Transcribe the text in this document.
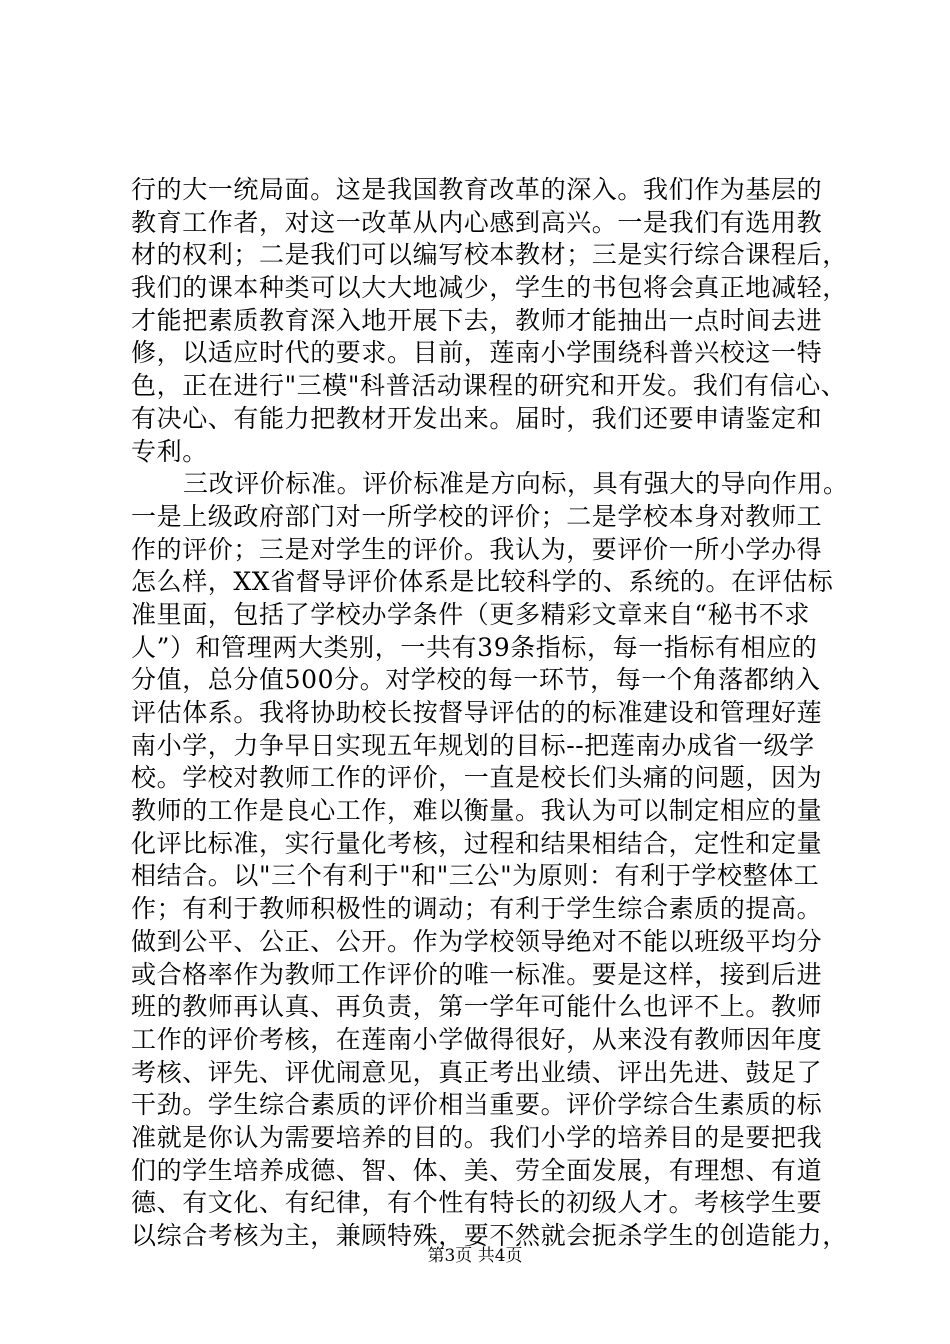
行的大一统局面。这是我国教育改革的深入。我们作为基层的
教育工作者，对这一改革从内心感到高兴。一是我们有选用教
材的权利；二是我们可以编写校本教材；三是实行综合课程后，
我们的课本种类可以大大地减少，学生的书包将会真正地减轻，
才能把素质教育深入地开展下去，教师才能抽出一点时间去进
修，以适应时代的要求。目前，莲南小学围绕科普兴校这一特
色，正在进行"三模"科普活动课程的研究和开发。我们有信心、
有决心、有能力把教材开发出来。届时，我们还要申请鉴定和
专利。
三改评价标准。评价标准是方向标，具有强大的导向作用。
一是上级政府部门对一所学校的评价；二是学校本身对教师工
作的评价；三是对学生的评价。我认为，要评价一所小学办得
怎么样，XX省督导评价体系是比较科学的、系统的。在评估标
准里面，包括了学校办学条件（更多精彩文章来自“秘书不求
人”）和管理两大类别，一共有39条指标，每一指标有相应的
分值，总分值500分。对学校的每一环节，每一个角落都纳入
评估体系。我将协助校长按督导评估的的标准建设和管理好莲
南小学，力争早日实现五年规划的目标--把莲南办成省一级学
校。学校对教师工作的评价，一直是校长们头痛的问题，因为
教师的工作是良心工作，难以衡量。我认为可以制定相应的量
化评比标准，实行量化考核，过程和结果相结合，定性和定量
相结合。以"三个有利于"和"三公"为原则：有利于学校整体工
作；有利于教师积极性的调动；有利于学生综合素质的提高。
做到公平、公正、公开。作为学校领导绝对不能以班级平均分
或合格率作为教师工作评价的唯一标准。要是这样，接到后进
班的教师再认真、再负责，第一学年可能什么也评不上。教师
工作的评价考核，在莲南小学做得很好，从来没有教师因年度
考核、评先、评优闹意见，真正考出业绩、评出先进、鼓足了
干劲。学生综合素质的评价相当重要。评价学综合生素质的标
准就是你认为需要培养的目的。我们小学的培养目的是要把我
们的学生培养成德、智、体、美、劳全面发展，有理想、有道
德、有文化、有纪律，有个性有特长的初级人才。考核学生要
以综合考核为主，兼顾特殊，要不然就会扼杀学生的创造能力，
第3页 共4页
